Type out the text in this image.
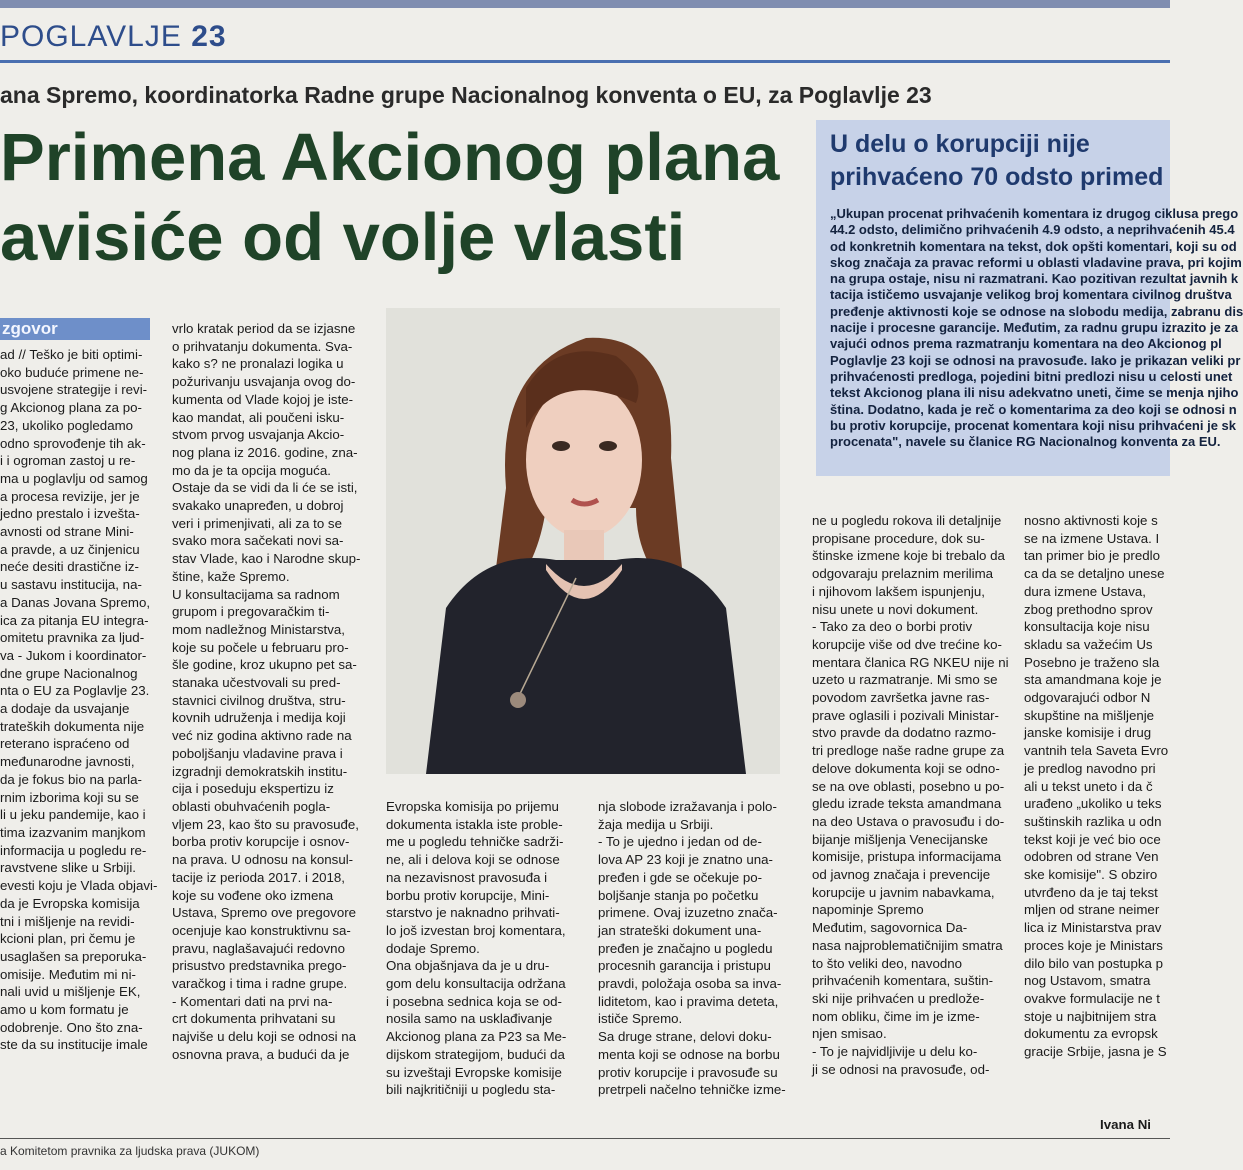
POGLAVLJE 23
ana Spremo, koordinatorka Radne grupe Nacionalnog konventa o EU, za Poglavlje 23
Primena Akcionog plana
avisiće od volje vlasti
U delu o korupciji nije
prihvaćeno 70 odsto primed

„Ukupan procenat prihvaćenih komentara iz drugog ciklusa prego

44.2 odsto, delimično prihvaćenih 4.9 odsto, a neprihvaćenih 45.4

od konkretnih komentara na tekst, dok opšti komentari, koji su od

skog značaja za pravac reformi u oblasti vladavine prava, pri kojim

na grupa ostaje, nisu ni razmatrani. Kao pozitivan rezultat javnih k

tacija ističemo usvajanje velikog broj komentara civilnog društva

pređenje aktivnosti koje se odnose na slobodu medija, zabranu dis

nacije i procesne garancije. Međutim, za radnu grupu izrazito je za

vajući odnos prema razmatranju komentara na deo Akcionog pl

Poglavlje 23 koji se odnosi na pravosuđe. Iako je prikazan veliki pr

prihvaćenosti predloga, pojedini bitni predlozi nisu u celosti unet

tekst Akcionog plana ili nisu adekvatno uneti, čime se menja njiho

ština. Dodatno, kada je reč o komentarima za deo koji se odnosi n

bu protiv korupcije, procenat komentara koji nisu prihvaćeni je sk

procenata", navele su članice RG Nacionalnog konventa za EU.

zgovor

ad // Teško je biti optimi-

oko buduće primene ne-

usvojene strategije i revi-

g Akcionog plana za po-

23, ukoliko pogledamo

odno sprovođenje tih ak-

i i ogroman zastoj u re-

ma u poglavlju od samog

a procesa revizije, jer je

jedno prestalo i izvešta-

avnosti od strane Mini-

a pravde, a uz činjenicu

neće desiti drastične iz-

u sastavu institucija, na-

a Danas Jovana Spremo,

ica za pitanja EU integra-

omitetu pravnika za ljud-

va - Jukom i koordinator-

dne grupe Nacionalnog

nta o EU za Poglavlje 23.

a dodaje da usvajanje

trateških dokumenta nije

reterano ispraćeno od

međunarodne javnosti,

da je fokus bio na parla-

rnim izborima koji su se

li u jeku pandemije, kao i

tima izazvanim manjkom

informacija u pogledu re-

ravstvene slike u Srbiji.

evesti koju je Vlada objavi-

da je Evropska komisija

tni i mišljenje na revidi-

kcioni plan, pri čemu je

usaglašen sa preporuka-

omisije. Međutim mi ni-

nali uvid u mišljenje EK,

amo u kom formatu je

odobrenje. Ono što zna-

ste da su institucije imale

vrlo kratak period da se izjasne

o prihvatanju dokumenta. Sva-

kako s? ne pronalazi logika u

požurivanju usvajanja ovog do-

kumenta od Vlade kojoj je iste-

kao mandat, ali poučeni isku-

stvom prvog usvajanja Akcio-

nog plana iz 2016. godine, zna-

mo da je ta opcija moguća.

Ostaje da se vidi da li će se isti,

svakako unapređen, u dobroj

veri i primenjivati, ali za to se

svako mora sačekati novi sa-

stav Vlade, kao i Narodne skup-

štine, kaže Spremo.

U konsultacijama sa radnom

grupom i pregovaračkim ti-

mom nadležnog Ministarstva,

koje su počele u februaru pro-

šle godine, kroz ukupno pet sa-

stanaka učestvovali su pred-

stavnici civilnog društva, stru-

kovnih udruženja i medija koji

već niz godina aktivno rade na

poboljšanju vladavine prava i

izgradnji demokratskih institu-

cija i poseduju ekspertizu iz

oblasti obuhvaćenih pogla-

vljem 23, kao što su pravosuđe,

borba protiv korupcije i osnov-

na prava. U odnosu na konsul-

tacije iz perioda 2017. i 2018,

koje su vođene oko izmena

Ustava, Spremo ove pregovore

ocenjuje kao konstruktivnu sa-

pravu, naglašavajući redovno

prisustvo predstavnika prego-

varačkog i tima i radne grupe.

- Komentari dati na prvi na-

crt dokumenta prihvatani su

najviše u delu koji se odnosi na

osnovna prava, a budući da je

Evropska komisija po prijemu

dokumenta istakla iste proble-

me u pogledu tehničke sadrži-

ne, ali i delova koji se odnose

na nezavisnost pravosuđa i

borbu protiv korupcije, Mini-

starstvo je naknadno prihvati-

lo još izvestan broj komentara,

dodaje Spremo.

Ona objašnjava da je u dru-

gom delu konsultacija održana

i posebna sednica koja se od-

nosila samo na usklađivanje

Akcionog plana za P23 sa Me-

dijskom strategijom, budući da

su izveštaji Evropske komisije

bili najkritičniji u pogledu sta-

nja slobode izražavanja i polo-

žaja medija u Srbiji.

- To je ujedno i jedan od de-

lova AP 23 koji je znatno una-

pređen i gde se očekuje po-

boljšanje stanja po početku

primene. Ovaj izuzetno znača-

jan strateški dokument una-

pređen je značajno u pogledu

procesnih garancija i pristupu

pravdi, položaja osoba sa inva-

liditetom, kao i pravima deteta,

ističe Spremo.

Sa druge strane, delovi doku-

menta koji se odnose na borbu

protiv korupcije i pravosuđe su

pretrpeli načelno tehničke izme-

ne u pogledu rokova ili detaljnije

propisane procedure, dok su-

štinske izmene koje bi trebalo da

odgovaraju prelaznim merilima

i njihovom lakšem ispunjenju,

nisu unete u novi dokument.

- Tako za deo o borbi protiv

korupcije više od dve trećine ko-

mentara članica RG NKEU nije ni

uzeto u razmatranje. Mi smo se

povodom završetka javne ras-

prave oglasili i pozivali Ministar-

stvo pravde da dodatno razmo-

tri predloge naše radne grupe za

delove dokumenta koji se odno-

se na ove oblasti, posebno u po-

gledu izrade teksta amandmana

na deo Ustava o pravosuđu i do-

bijanje mišljenja Venecijanske

komisije, pristupa informacijama

od javnog značaja i prevencije

korupcije u javnim nabavkama,

napominje Spremo

Međutim, sagovornica Da-

nasa najproblematičnijim smatra

to što veliki deo, navodno

prihvaćenih komentara, suštin-

ski nije prihvaćen u predlože-

nom obliku, čime im je izme-

njen smisao.

- To je najvidljivije u delu ko-

ji se odnosi na pravosuđe, od-

nosno aktivnosti koje s

se na izmene Ustava. I

tan primer bio je predlo

ca da se detaljno unese

dura izmene Ustava,

zbog prethodno sprov

konsultacija koje nisu

skladu sa važećim Us

Posebno je traženo sla

sta amandmana koje je

odgovarajući odbor N

skupštine na mišljenje

janske komisije i drug

vantnih tela Saveta Evro

je predlog navodno pri

ali u tekst uneto i da č

urađeno „ukoliko u teks

suštinskih razlika u odn

tekst koji je već bio oce

odobren od strane Ven

ske komisije". S obziro

utvrđeno da je taj tekst

mljen od strane neimer

lica iz Ministarstva prav

proces koje je Ministars

dilo bilo van postupka p

nog Ustavom, smatra

ovakve formulacije ne t

stoje u najbitnijem stra

dokumentu za evropsk

gracije Srbije, jasna je S

Ivana Ni
a Komitetom pravnika za ljudska prava (JUKOM)
